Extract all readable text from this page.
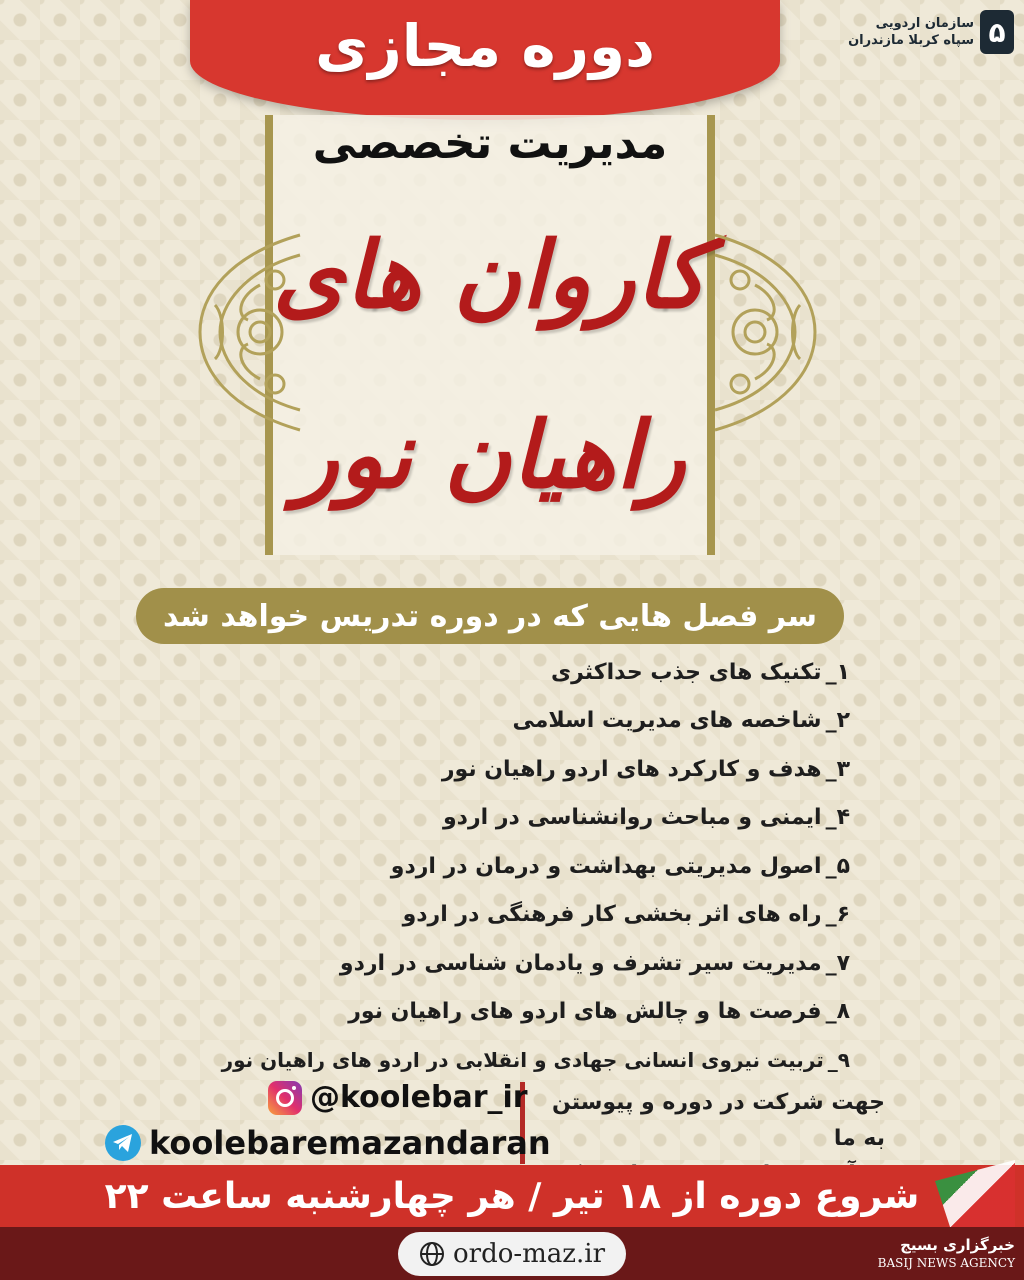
دوره مجازی	۵
سازمان اردویی
سپاه کربلا مازندران
مدیریت تخصصی
کاروان های
راهیان نور
سر فصل هایی که در دوره تدریس خواهد شد
۱_
تکنیک های جذب حداکثری
۲_
شاخصه های مدیریت اسلامی
۳_
هدف و کارکرد های اردو راهیان نور
۴_
ایمنی و مباحث روانشناسی در اردو
۵_
اصول مدیریتی بهداشت و درمان در اردو
۶_
راه های اثر بخشی کار فرهنگی در اردو
۷_
مدیریت سیر تشرف و یادمان شناسی در اردو
۸_
فرصت ها و چالش های اردو های راهیان نور
۹_
تربیت نیروی انسانی جهادی و انقلابی در اردو های راهیان نور
جهت شرکت در دوره و پیوستن به ما
@koolebar_ir
koolebaremazandaran
شروع دوره از ۱۸ تیر / هر چهارشنبه ساعت ۲۲
ordo-maz.ir	خبرگزاری بسیج
BASIJ NEWS AGENCY
